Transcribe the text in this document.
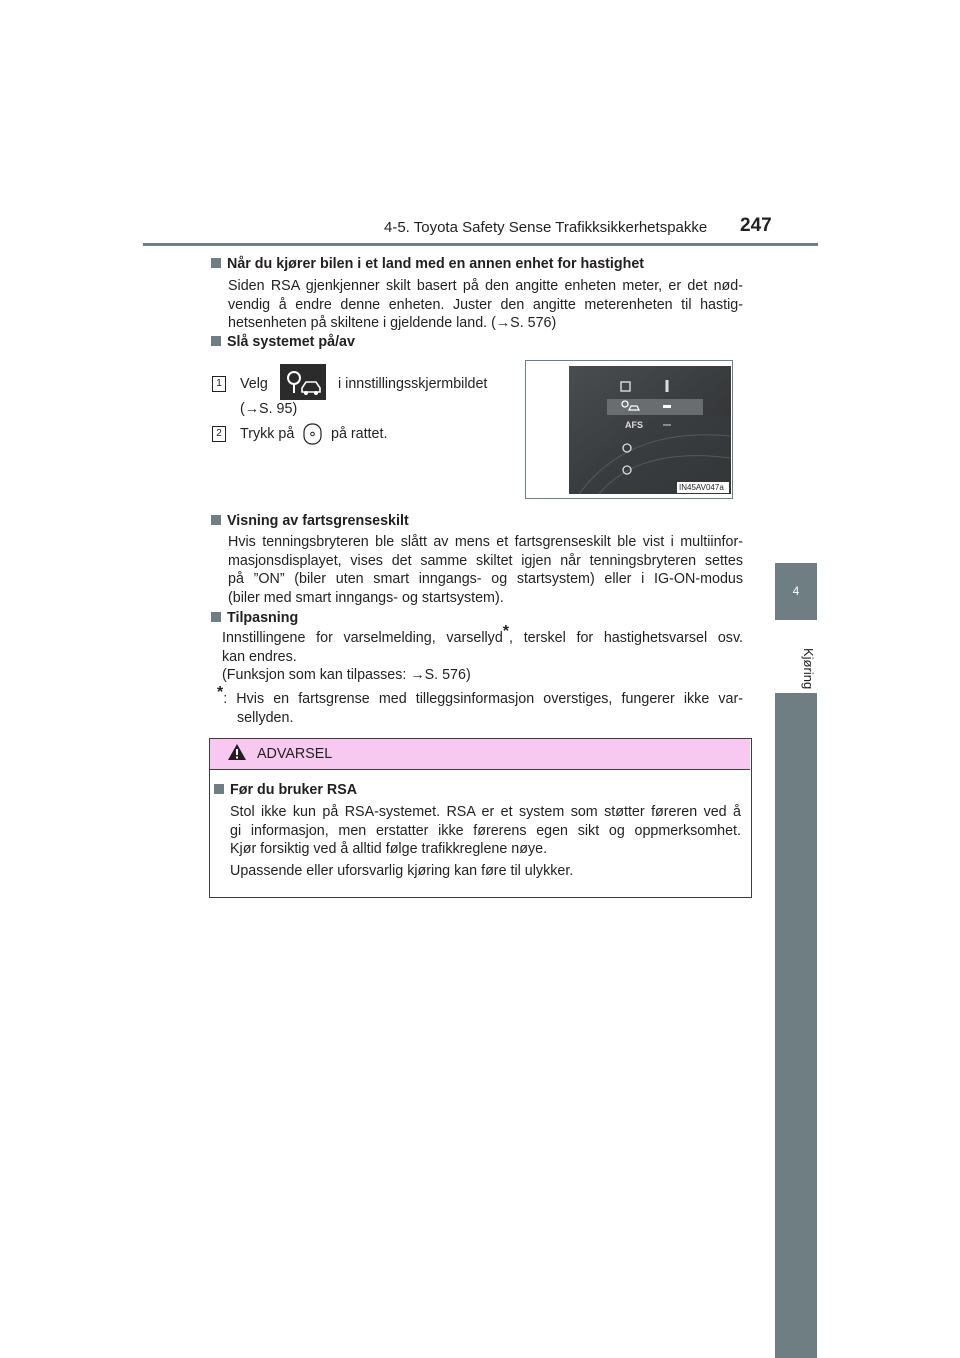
4-5. Toyota Safety Sense Trafikksikkerhetspakke 247
4
Kjøring
Når du kjører bilen i et land med en annen enhet for hastighet
Siden RSA gjenkjenner skilt basert på den angitte enheten meter, er det nød-
vendig å endre denne enheten. Juster den angitte meterenheten til hastig-
hetsenheten på skiltene i gjeldende land. (→S. 576)
Slå systemet på/av
1 Velg	i innstillingsskjermbildet
(→S. 95)
2 Trykk på	på rattet.
AFS
IN45AV047a
Visning av fartsgrenseskilt
Hvis tenningsbryteren ble slått av mens et fartsgrenseskilt ble vist i multiinfor-
masjonsdisplayet, vises det samme skiltet igjen når tenningsbryteren settes
på ”ON” (biler uten smart inngangs- og startsystem) eller i IG-ON-modus
(biler med smart inngangs- og startsystem).
Tilpasning
Innstillingene for varselmelding, varsellyd*, terskel for hastighetsvarsel osv.
kan endres.
(Funksjon som kan tilpasses: →S. 576)
*: Hvis en fartsgrense med tilleggsinformasjon overstiges, fungerer ikke var-
sellyden.
ADVARSEL
Før du bruker RSA
Stol ikke kun på RSA-systemet. RSA er et system som støtter føreren ved å
gi informasjon, men erstatter ikke førerens egen sikt og oppmerksomhet.
Kjør forsiktig ved å alltid følge trafikkreglene nøye.
Upassende eller uforsvarlig kjøring kan føre til ulykker.
